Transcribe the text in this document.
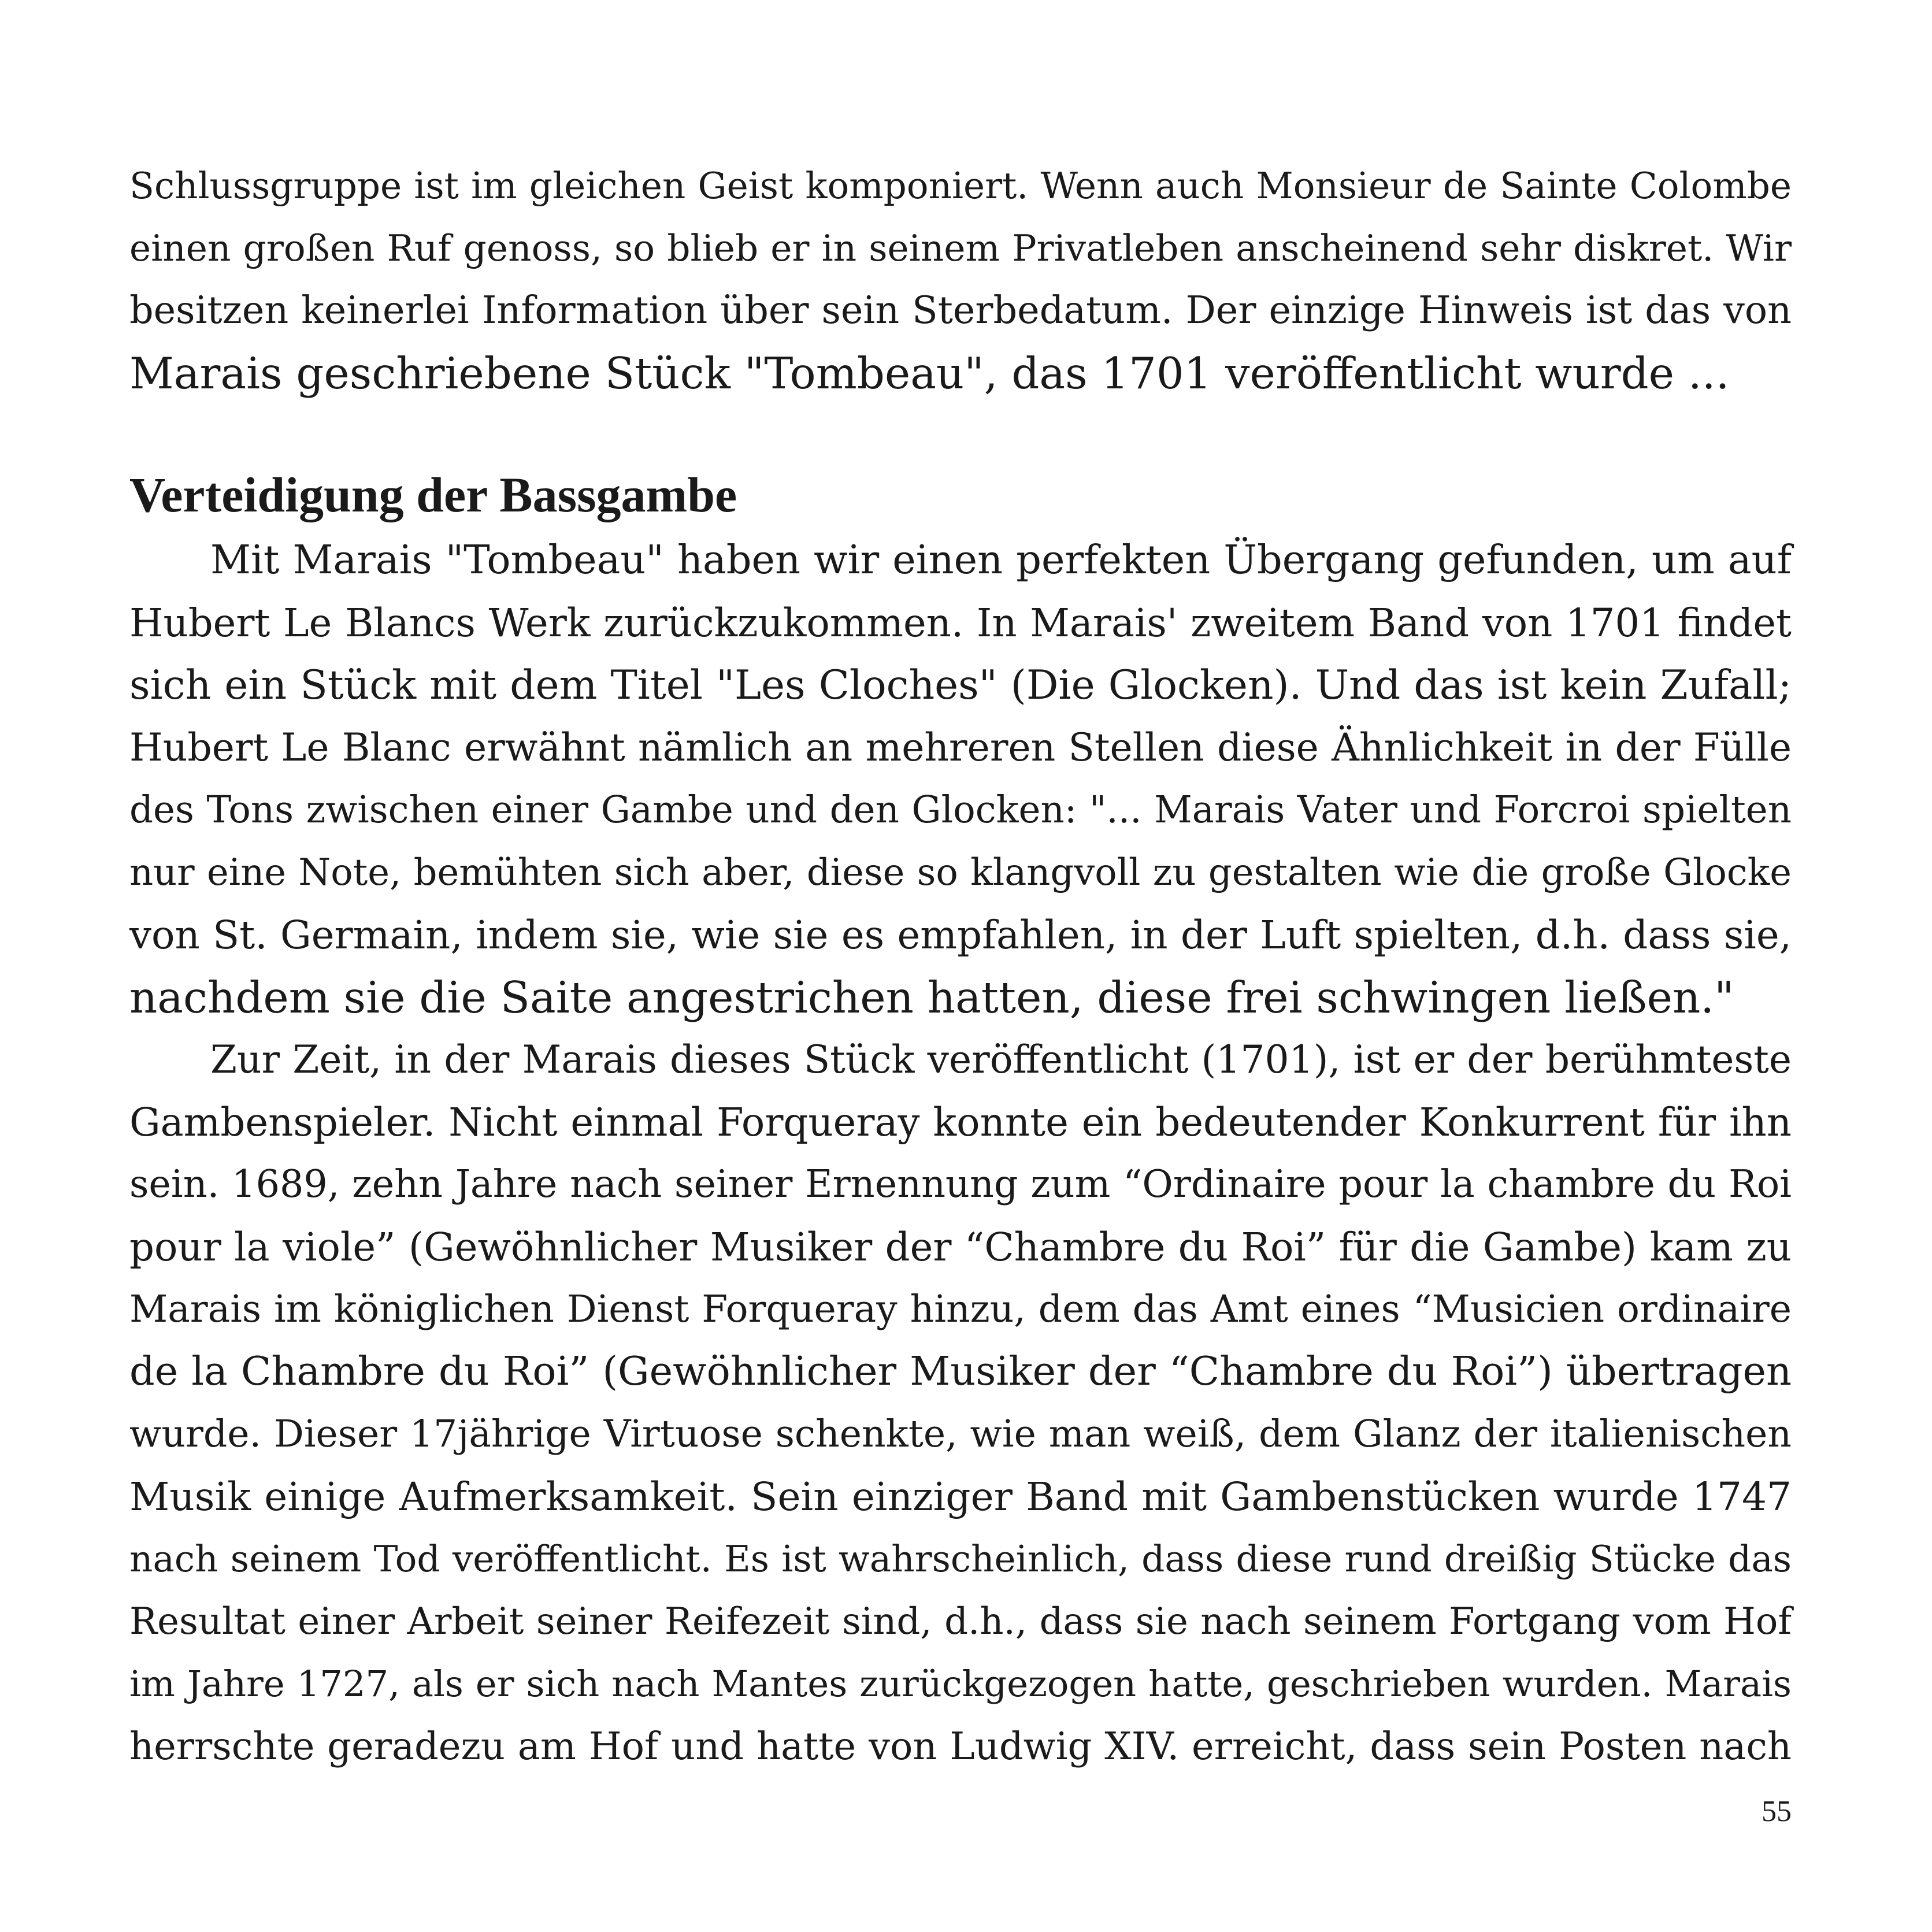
Schlussgruppe ist im gleichen Geist komponiert. Wenn auch Monsieur de Sainte Colombe
einen großen Ruf genoss, so blieb er in seinem Privatleben anscheinend sehr diskret. Wir
besitzen keinerlei Information über sein Sterbedatum. Der einzige Hinweis ist das von
Marais geschriebene Stück "Tombeau", das 1701 veröffentlicht wurde ...
Verteidigung der Bassgambe
Mit Marais "Tombeau" haben wir einen perfekten Übergang gefunden, um auf
Hubert Le Blancs Werk zurückzukommen. In Marais' zweitem Band von 1701 findet
sich ein Stück mit dem Titel "Les Cloches" (Die Glocken). Und das ist kein Zufall;
Hubert Le Blanc erwähnt nämlich an mehreren Stellen diese Ähnlichkeit in der Fülle
des Tons zwischen einer Gambe und den Glocken: "... Marais Vater und Forcroi spielten
nur eine Note, bemühten sich aber, diese so klangvoll zu gestalten wie die große Glocke
von St. Germain, indem sie, wie sie es empfahlen, in der Luft spielten, d.h. dass sie,
nachdem sie die Saite angestrichen hatten, diese frei schwingen ließen."
Zur Zeit, in der Marais dieses Stück veröffentlicht (1701), ist er der berühmteste
Gambenspieler. Nicht einmal Forqueray konnte ein bedeutender Konkurrent für ihn
sein. 1689, zehn Jahre nach seiner Ernennung zum “Ordinaire pour la chambre du Roi
pour la viole” (Gewöhnlicher Musiker der “Chambre du Roi” für die Gambe) kam zu
Marais im königlichen Dienst Forqueray hinzu, dem das Amt eines “Musicien ordinaire
de la Chambre du Roi” (Gewöhnlicher Musiker der “Chambre du Roi”) übertragen
wurde. Dieser 17jährige Virtuose schenkte, wie man weiß, dem Glanz der italienischen
Musik einige Aufmerksamkeit. Sein einziger Band mit Gambenstücken wurde 1747
nach seinem Tod veröffentlicht. Es ist wahrscheinlich, dass diese rund dreißig Stücke das
Resultat einer Arbeit seiner Reifezeit sind, d.h., dass sie nach seinem Fortgang vom Hof
im Jahre 1727, als er sich nach Mantes zurückgezogen hatte, geschrieben wurden. Marais
herrschte geradezu am Hof und hatte von Ludwig XIV. erreicht, dass sein Posten nach
55
